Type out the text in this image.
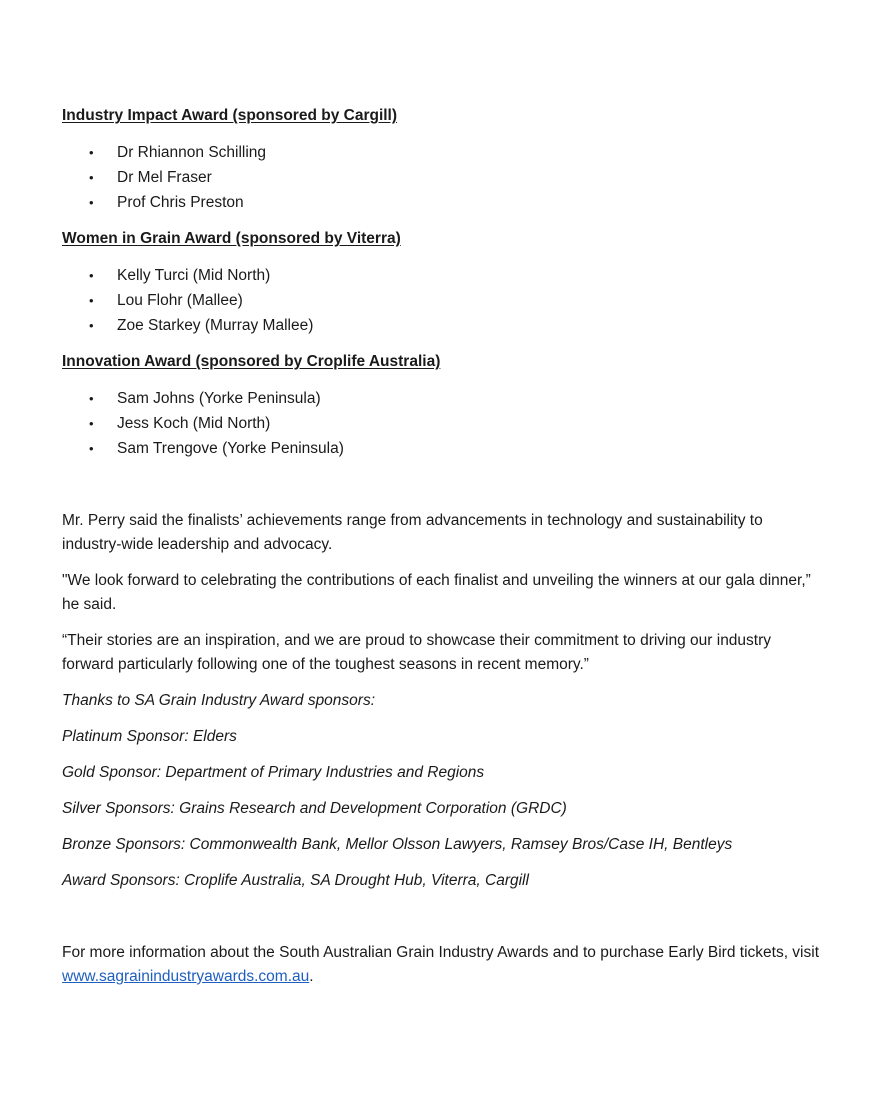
Industry Impact Award (sponsored by Cargill)

• Dr Rhiannon Schilling
• Dr Mel Fraser
• Prof Chris Preston

Women in Grain Award (sponsored by Viterra)

• Kelly Turci (Mid North)
• Lou Flohr (Mallee)
• Zoe Starkey (Murray Mallee)

Innovation Award (sponsored by Croplife Australia)

• Sam Johns (Yorke Peninsula)
• Jess Koch (Mid North)
• Sam Trengove (Yorke Peninsula)

Mr. Perry said the finalists’ achievements range from advancements in technology and sustainability to industry-wide leadership and advocacy.

"We look forward to celebrating the contributions of each finalist and unveiling the winners at our gala dinner,” he said.

“Their stories are an inspiration, and we are proud to showcase their commitment to driving our industry forward particularly following one of the toughest seasons in recent memory.”

Thanks to SA Grain Industry Award sponsors:

Platinum Sponsor: Elders

Gold Sponsor: Department of Primary Industries and Regions

Silver Sponsors: Grains Research and Development Corporation (GRDC)

Bronze Sponsors: Commonwealth Bank, Mellor Olsson Lawyers, Ramsey Bros/Case IH, Bentleys

Award Sponsors: Croplife Australia, SA Drought Hub, Viterra, Cargill

For more information about the South Australian Grain Industry Awards and to purchase Early Bird tickets, visit www.sagrainindustryawards.com.au.
